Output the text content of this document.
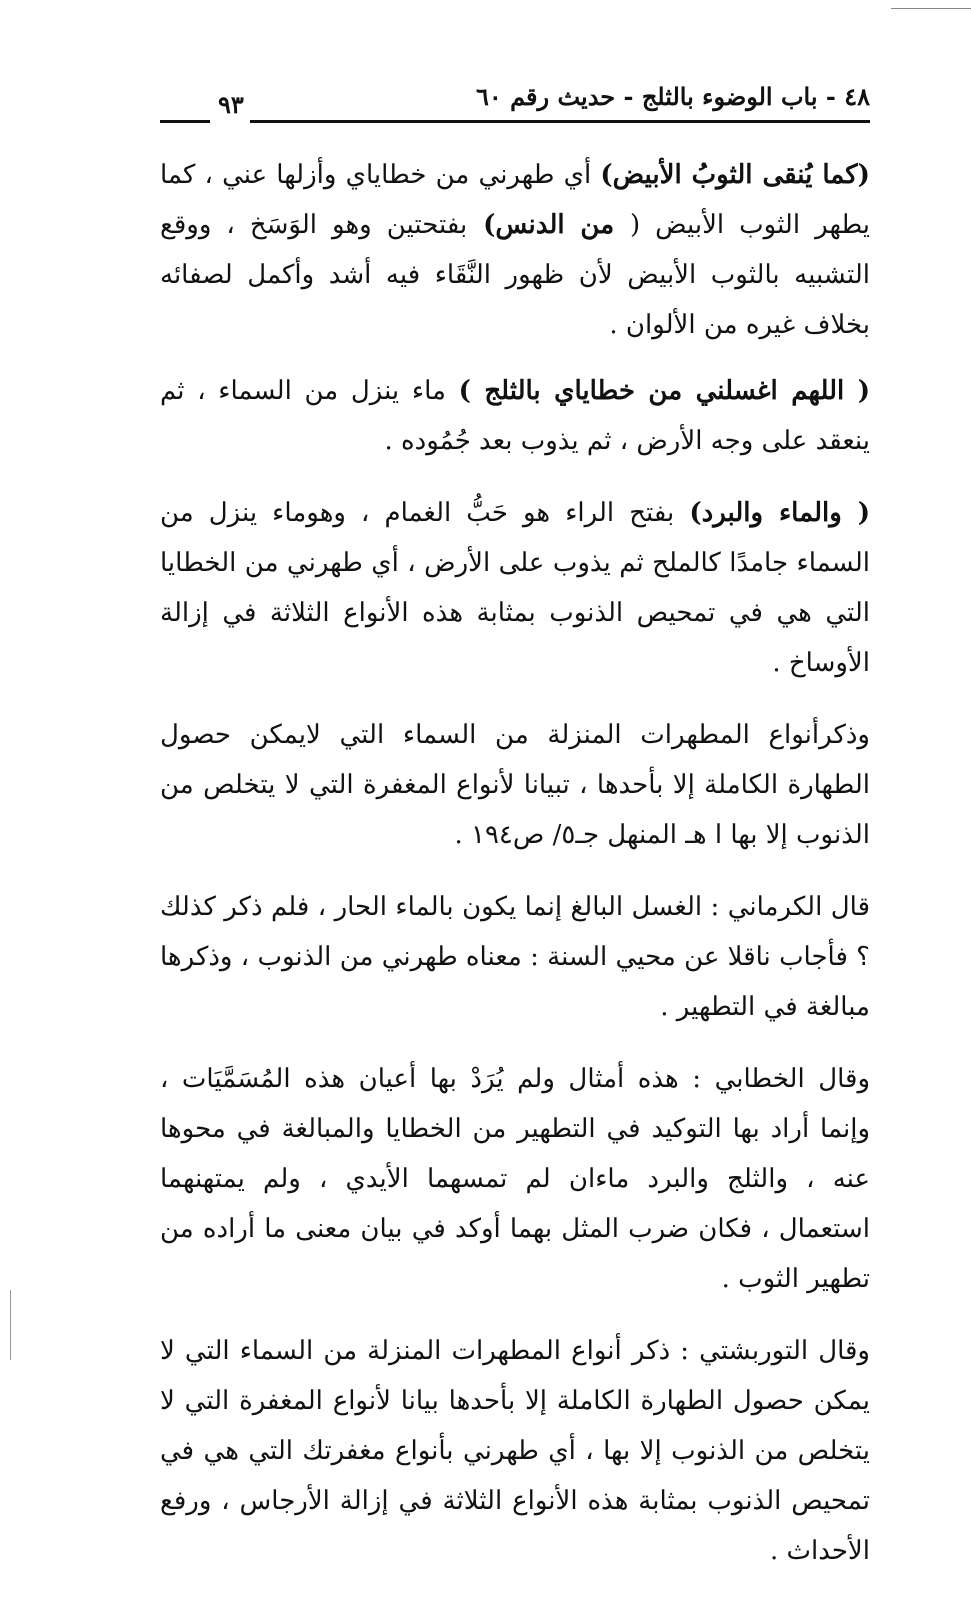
٤٨ - باب الوضوء بالثلج - حديث رقم ٦٠
٩٣

(كما يُنقى الثوبُ الأبيض) أي طهرني من خطاياي وأزلها عني ، كما يطهر الثوب الأبيض ( من الدنس) بفتحتين وهو الوَسَخ ، ووقع التشبيه بالثوب الأبيض لأن ظهور النَّقَاء فيه أشد وأكمل لصفائه بخلاف غيره من الألوان .

( اللهم اغسلني من خطاياي بالثلج ) ماء ينزل من السماء ، ثم ينعقد على وجه الأرض ، ثم يذوب بعد جُمُوده .

( والماء والبرد) بفتح الراء هو حَبُّ الغمام ، وهوماء ينزل من السماء جامدًا كالملح ثم يذوب على الأرض ، أي طهرني من الخطايا التي هي في تمحيص الذنوب بمثابة هذه الأنواع الثلاثة في إزالة الأوساخ .

وذكرأنواع المطهرات المنزلة من السماء التي لايمكن حصول الطهارة الكاملة إلا بأحدها ، تبيانا لأنواع المغفرة التي لا يتخلص من الذنوب إلا بها ا هـ المنهل جـ٥/ ص١٩٤ .

قال الكرماني : الغسل البالغ إنما يكون بالماء الحار ، فلم ذكر كذلك ؟ فأجاب ناقلا عن محيي السنة : معناه طهرني من الذنوب ، وذكرها مبالغة في التطهير .

وقال الخطابي : هذه أمثال ولم يُرَدْ بها أعيان هذه المُسَمَّيَات ، وإنما أراد بها التوكيد في التطهير من الخطايا والمبالغة في محوها عنه ، والثلج والبرد ماءان لم تمسهما الأيدي ، ولم يمتهنهما استعمال ، فكان ضرب المثل بهما أوكد في بيان معنى ما أراده من تطهير الثوب .

وقال التوربشتي : ذكر أنواع المطهرات المنزلة من السماء التي لا يمكن حصول الطهارة الكاملة إلا بأحدها بيانا لأنواع المغفرة التي لا يتخلص من الذنوب إلا بها ، أي طهرني بأنواع مغفرتك التي هي في تمحيص الذنوب بمثابة هذه الأنواع الثلاثة في إزالة الأرجاس ، ورفع الأحداث .
